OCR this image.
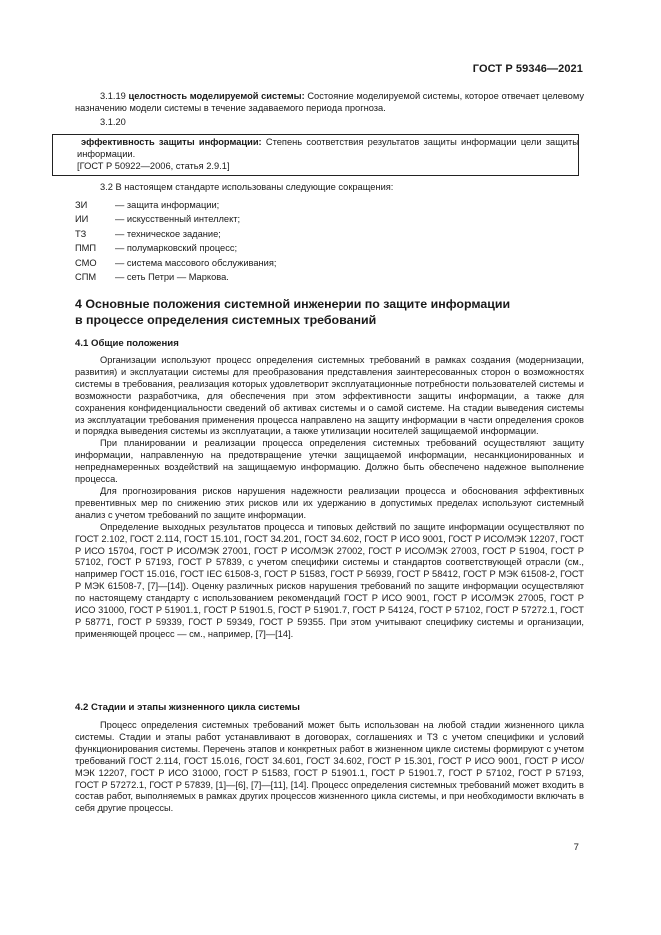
ГОСТ Р 59346—2021

3.1.19 целостность моделируемой системы: Состояние моделируемой системы, которое отвечает целевому назначению модели системы в течение задаваемого периода прогноза.

3.1.20

эффективность защиты информации: Степень соответствия результатов защиты информации цели защиты информации.

[ГОСТ Р 50922—2006, статья 2.9.1]

3.2 В настоящем стандарте использованы следующие сокращения:

ЗИ	— защита информации;
ИИ	— искусственный интеллект;
ТЗ	— техническое задание;
ПМП	— полумарковский процесс;
СМО	— система массового обслуживания;
СПМ	— сеть Петри — Маркова.
4 Основные положения системной инженерии по защите информации
в процессе определения системных требований
4.1 Общие положения

Организации используют процесс определения системных требований в рамках создания (модернизации, развития) и эксплуатации системы для преобразования представления заинтересованных сторон о возможностях системы в требования, реализация которых удовлетворит эксплуатационные потребности пользователей системы и возможности разработчика, для обеспечения при этом эффективности защиты информации, а также для сохранения конфиденциальности сведений об активах системы и о самой системе. На стадии выведения системы из эксплуатации требования применения процесса направлено на защиту информации в части определения сроков и порядка выведения системы из эксплуатации, а также утилизации носителей защищаемой информации.

При планировании и реализации процесса определения системных требований осуществляют защиту информации, направленную на предотвращение утечки защищаемой информации, несанкционированных и непреднамеренных воздействий на защищаемую информацию. Должно быть обеспечено надежное выполнение процесса.

Для прогнозирования рисков нарушения надежности реализации процесса и обоснования эффективных превентивных мер по снижению этих рисков или их удержанию в допустимых пределах используют системный анализ с учетом требований по защите информации.

Определение выходных результатов процесса и типовых действий по защите информации осуществляют по ГОСТ 2.102, ГОСТ 2.114, ГОСТ 15.101, ГОСТ 34.201, ГОСТ 34.602, ГОСТ Р ИСО 9001, ГОСТ Р ИСО/МЭК 12207, ГОСТ Р ИСО 15704, ГОСТ Р ИСО/МЭК 27001, ГОСТ Р ИСО/МЭК 27002, ГОСТ Р ИСО/МЭК 27003, ГОСТ Р 51904, ГОСТ Р 57102, ГОСТ Р 57193, ГОСТ Р 57839, с учетом специфики системы и стандартов соответствующей отрасли (см., например ГОСТ 15.016, ГОСТ IEC 61508-3, ГОСТ Р 51583, ГОСТ Р 56939, ГОСТ Р 58412, ГОСТ Р МЭК 61508-2, ГОСТ Р МЭК 61508-7, [7]—[14]). Оценку различных рисков нарушения требований по защите информации осуществляют по настоящему стандарту с использованием рекомендаций ГОСТ Р ИСО 9001, ГОСТ Р ИСО/МЭК 27005, ГОСТ Р ИСО 31000, ГОСТ Р 51901.1, ГОСТ Р 51901.5, ГОСТ Р 51901.7, ГОСТ Р 54124, ГОСТ Р 57102, ГОСТ Р 57272.1, ГОСТ Р 58771, ГОСТ Р 59339, ГОСТ Р 59349, ГОСТ Р 59355. При этом учитывают специфику системы и организации, применяющей процесс — см., например, [7]—[14].

4.2 Стадии и этапы жизненного цикла системы

Процесс определения системных требований может быть использован на любой стадии жизненного цикла системы. Стадии и этапы работ устанавливают в договорах, соглашениях и ТЗ с учетом специфики и условий функционирования системы. Перечень этапов и конкретных работ в жизненном цикле системы формируют с учетом требований ГОСТ 2.114, ГОСТ 15.016, ГОСТ 34.601, ГОСТ 34.602, ГОСТ Р 15.301, ГОСТ Р ИСО 9001, ГОСТ Р ИСО/МЭК 12207, ГОСТ Р ИСО 31000, ГОСТ Р 51583, ГОСТ Р 51901.1, ГОСТ Р 51901.7, ГОСТ Р 57102, ГОСТ Р 57193, ГОСТ Р 57272.1, ГОСТ Р 57839, [1]—[6], [7]—[11], [14]. Процесс определения системных требований может входить в состав работ, выполняемых в рамках других процессов жизненного цикла системы, и при необходимости включать в себя другие процессы.

7
